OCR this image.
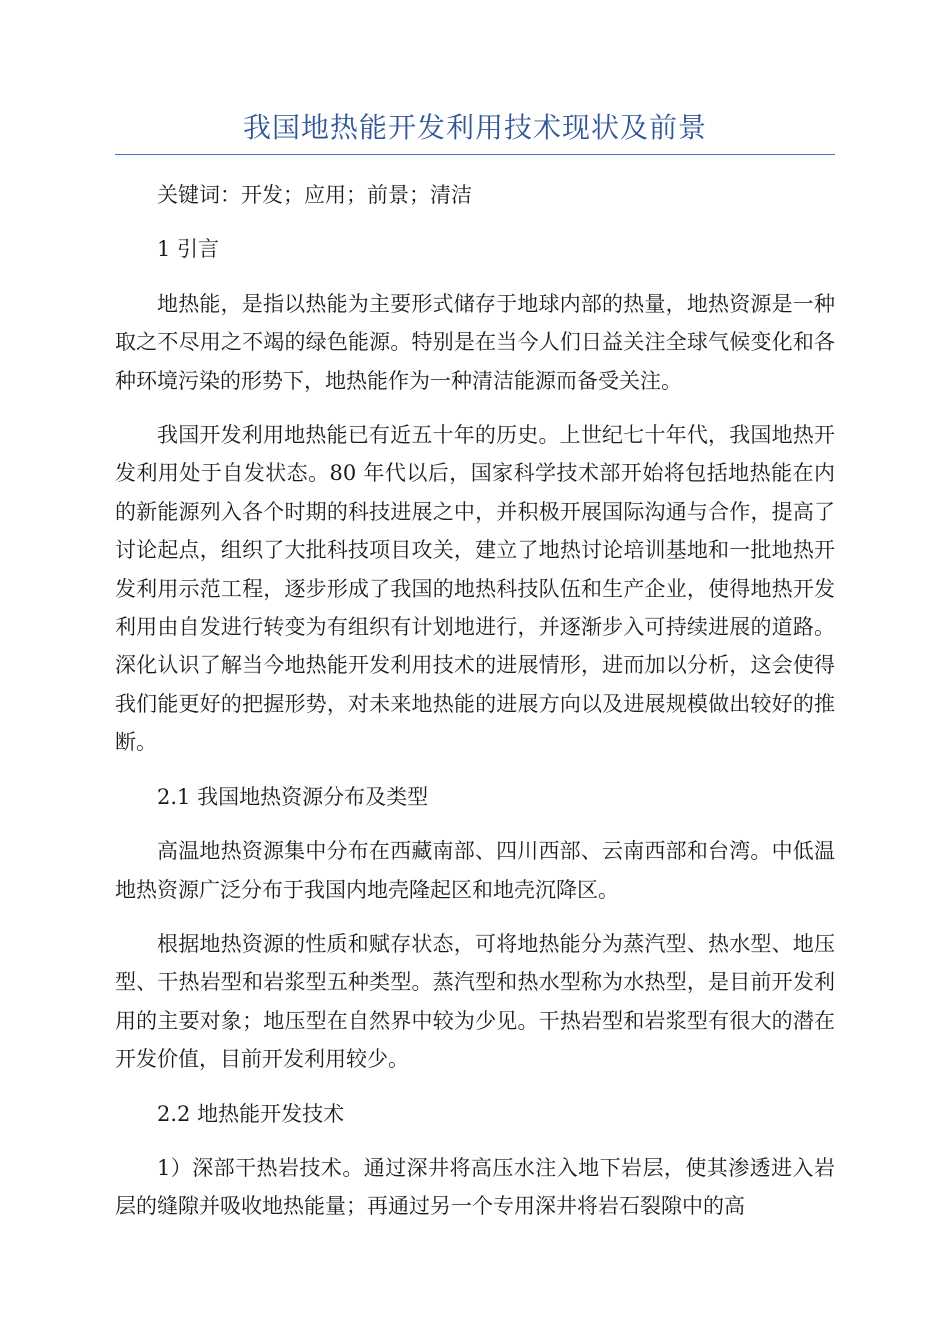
我国地热能开发利用技术现状及前景

关键词：开发；应用；前景；清洁

1 引言

地热能，是指以热能为主要形式储存于地球内部的热量，地热资源是一种取之不尽用之不竭的绿色能源。特别是在当今人们日益关注全球气候变化和各种环境污染的形势下，地热能作为一种清洁能源而备受关注。

我国开发利用地热能已有近五十年的历史。上世纪七十年代，我国地热开发利用处于自发状态。80 年代以后，国家科学技术部开始将包括地热能在内的新能源列入各个时期的科技进展之中，并积极开展国际沟通与合作，提高了讨论起点，组织了大批科技项目攻关，建立了地热讨论培训基地和一批地热开发利用示范工程，逐步形成了我国的地热科技队伍和生产企业，使得地热开发利用由自发进行转变为有组织有计划地进行，并逐渐步入可持续进展的道路。深化认识了解当今地热能开发利用技术的进展情形，进而加以分析，这会使得我们能更好的把握形势，对未来地热能的进展方向以及进展规模做出较好的推断。

2.1 我国地热资源分布及类型

高温地热资源集中分布在西藏南部、四川西部、云南西部和台湾。中低温地热资源广泛分布于我国内地壳隆起区和地壳沉降区。

根据地热资源的性质和赋存状态，可将地热能分为蒸汽型、热水型、地压型、干热岩型和岩浆型五种类型。蒸汽型和热水型称为水热型，是目前开发利用的主要对象；地压型在自然界中较为少见。干热岩型和岩浆型有很大的潜在开发价值，目前开发利用较少。

2.2 地热能开发技术

1）深部干热岩技术。通过深井将高压水注入地下岩层，使其渗透进入岩层的缝隙并吸收地热能量；再通过另一个专用深井将岩石裂隙中的高
